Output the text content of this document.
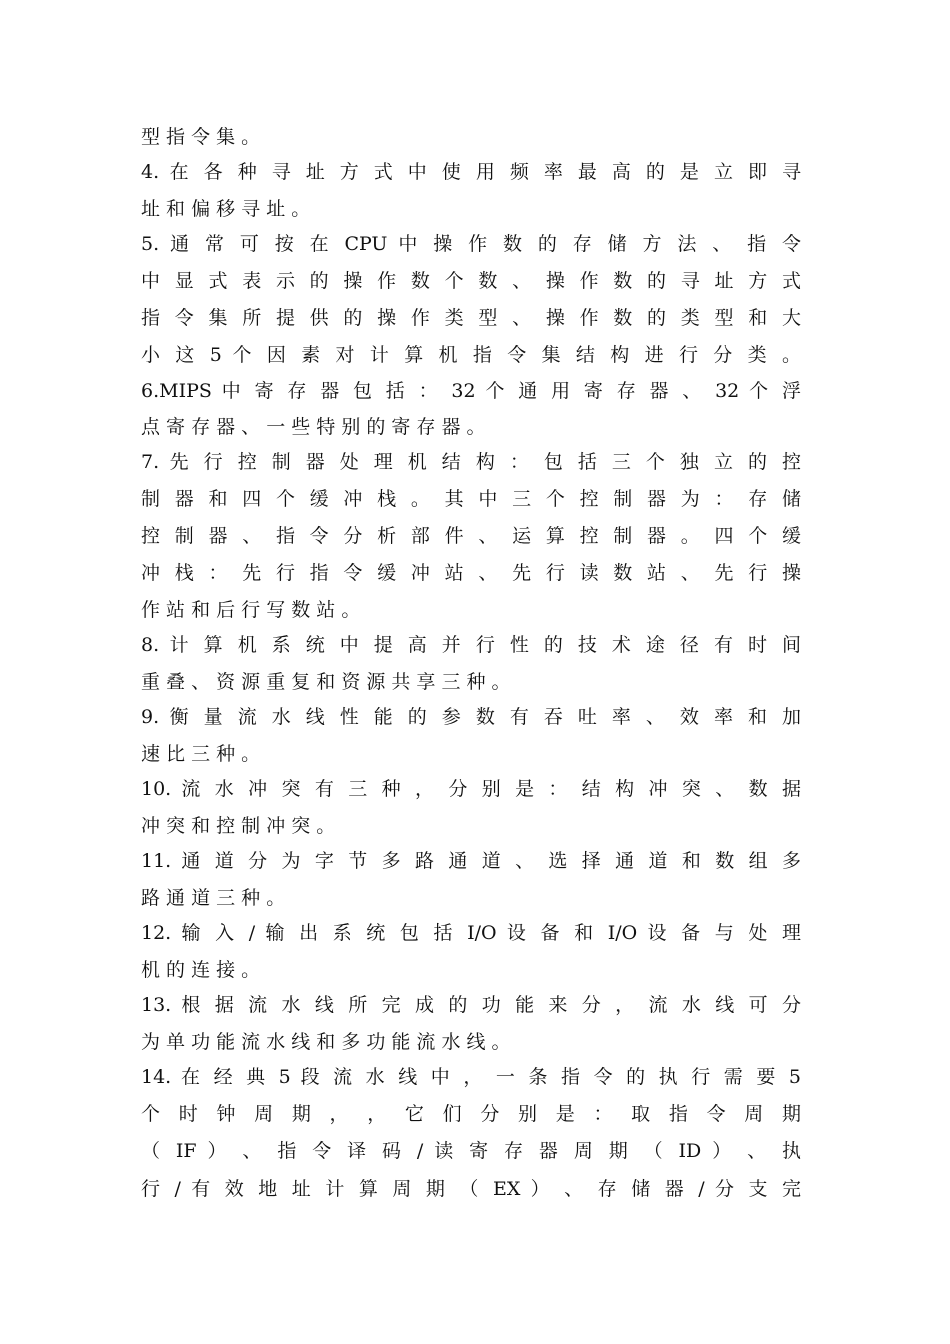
型 指 令 集 。
4. 在 各 种 寻 址 方 式 中 使 用 频 率 最 高 的 是 立 即 寻
址 和 偏 移 寻 址 。
5. 通 常 可 按 在 CPU 中 操 作 数 的 存 储 方 法 、 指 令
中 显 式 表 示 的 操 作 数 个 数 、 操 作 数 的 寻 址 方 式
指 令 集 所 提 供 的 操 作 类 型 、 操 作 数 的 类 型 和 大
小 这 5 个 因 素 对 计 算 机 指 令 集 结 构 进 行 分 类 。
6.MIPS 中 寄 存 器 包 括 ： 32 个 通 用 寄 存 器 、 32 个 浮
点 寄 存 器 、 一 些 特 别 的 寄 存 器 。
7. 先 行 控 制 器 处 理 机 结 构 ： 包 括 三 个 独 立 的 控
制 器 和 四 个 缓 冲 栈 。 其 中 三 个 控 制 器 为 ： 存 储
控 制 器 、 指 令 分 析 部 件 、 运 算 控 制 器 。 四 个 缓
冲 栈 ： 先 行 指 令 缓 冲 站 、 先 行 读 数 站 、 先 行 操
作 站 和 后 行 写 数 站 。
8. 计 算 机 系 统 中 提 高 并 行 性 的 技 术 途 径 有 时 间
重 叠 、 资 源 重 复 和 资 源 共 享 三 种 。
9. 衡 量 流 水 线 性 能 的 参 数 有 吞 吐 率 、 效 率 和 加
速 比 三 种 。
10. 流 水 冲 突 有 三 种 ， 分 别 是 ： 结 构 冲 突 、 数 据
冲 突 和 控 制 冲 突 。
11. 通 道 分 为 字 节 多 路 通 道 、 选 择 通 道 和 数 组 多
路 通 道 三 种 。
12. 输 入 / 输 出 系 统 包 括 I/O 设 备 和 I/O 设 备 与 处 理
机 的 连 接 。
13. 根 据 流 水 线 所 完 成 的 功 能 来 分 ， 流 水 线 可 分
为 单 功 能 流 水 线 和 多 功 能 流 水 线 。
14. 在 经 典 5 段 流 水 线 中 ， 一 条 指 令 的 执 行 需 要 5
个 时 钟 周 期 ， ， 它 们 分 别 是 ： 取 指 令 周 期
（ IF ） 、 指 令 译 码 / 读 寄 存 器 周 期 （ ID ） 、 执
行 / 有 效 地 址 计 算 周 期 （ EX ） 、 存 储 器 / 分 支 完
